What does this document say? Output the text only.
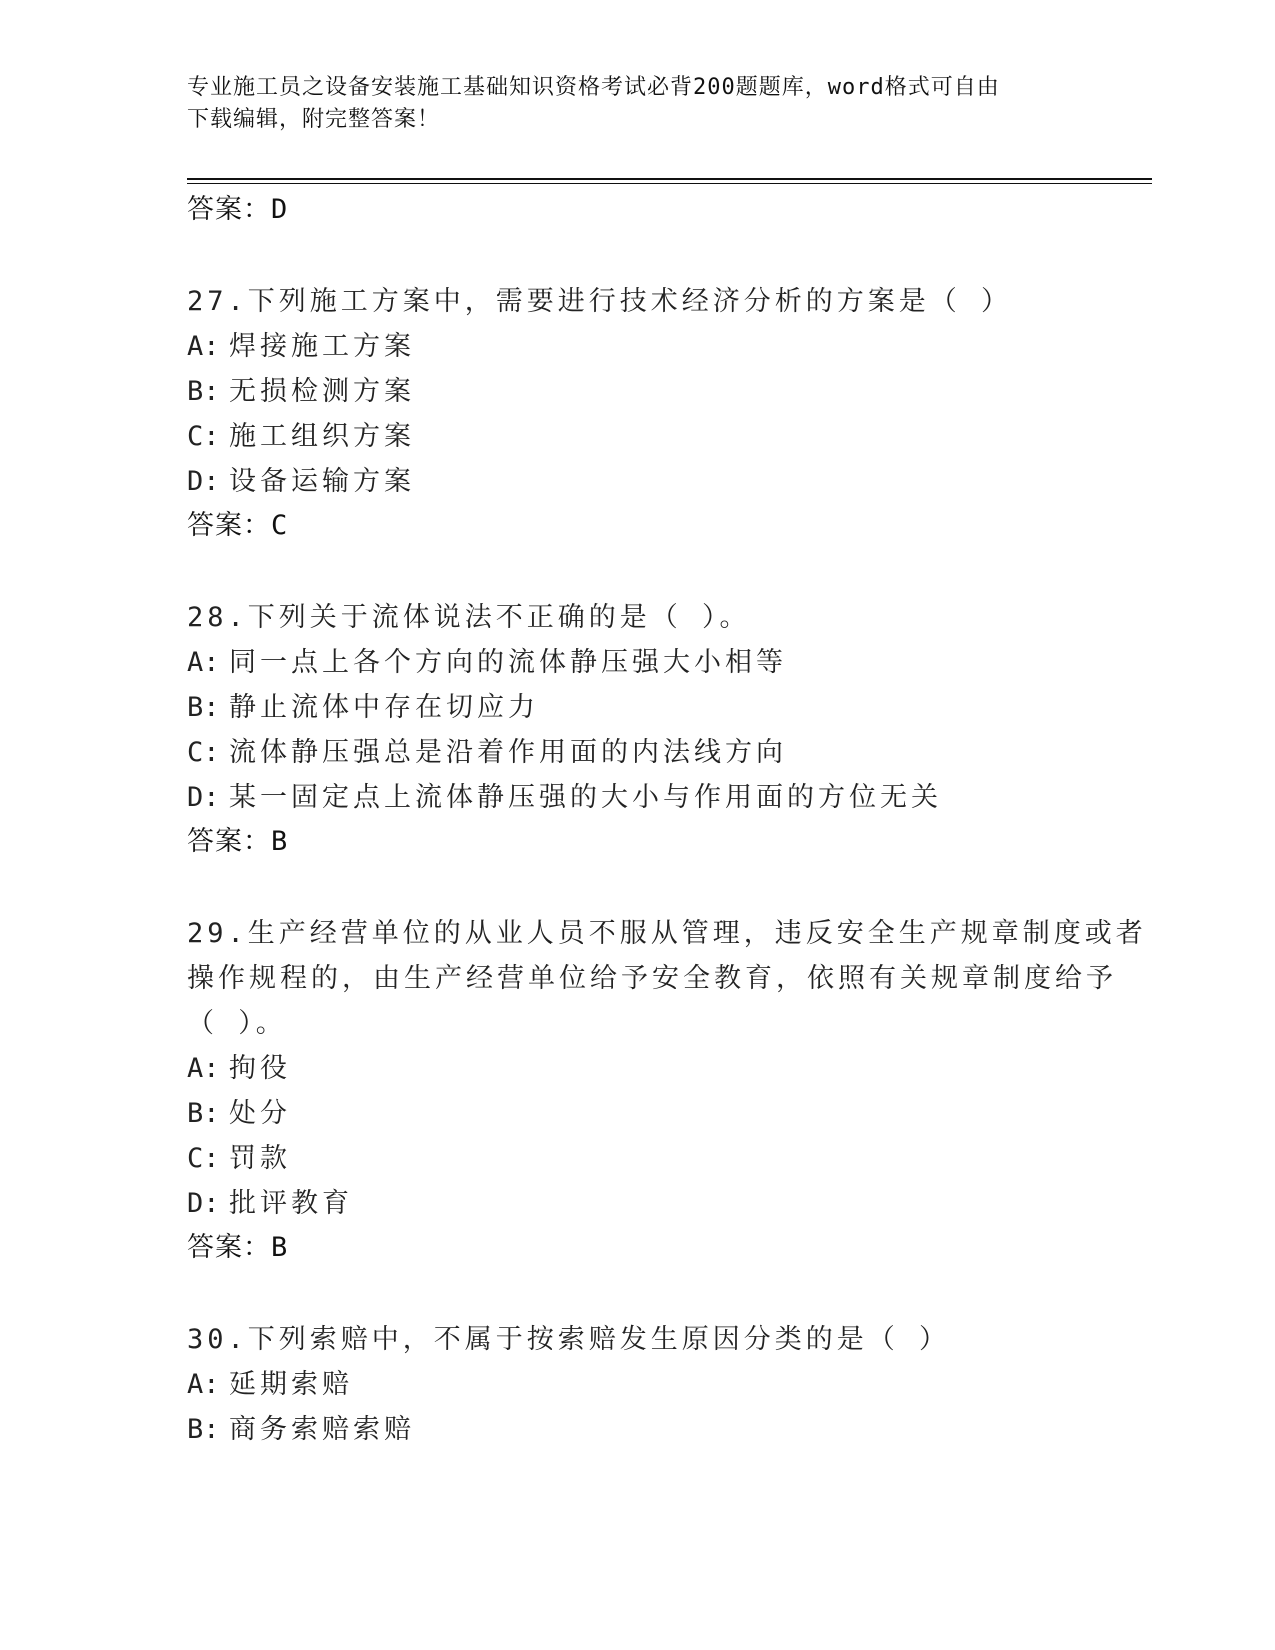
专业施工员之设备安装施工基础知识资格考试必背200题题库，word格式可自由
下载编辑，附完整答案！
答案：D
27.下列施工方案中，需要进行技术经济分析的方案是（ ）
A: 焊接施工方案
B: 无损检测方案
C: 施工组织方案
D: 设备运输方案
答案：C
28.下列关于流体说法不正确的是（ ）。
A: 同一点上各个方向的流体静压强大小相等
B: 静止流体中存在切应力
C: 流体静压强总是沿着作用面的内法线方向
D: 某一固定点上流体静压强的大小与作用面的方位无关
答案：B
29.生产经营单位的从业人员不服从管理，违反安全生产规章制度或者
操作规程的，由生产经营单位给予安全教育，依照有关规章制度给予
（ ）。
A: 拘役
B: 处分
C: 罚款
D: 批评教育
答案：B
30.下列索赔中，不属于按索赔发生原因分类的是（ ）
A: 延期索赔
B: 商务索赔索赔
